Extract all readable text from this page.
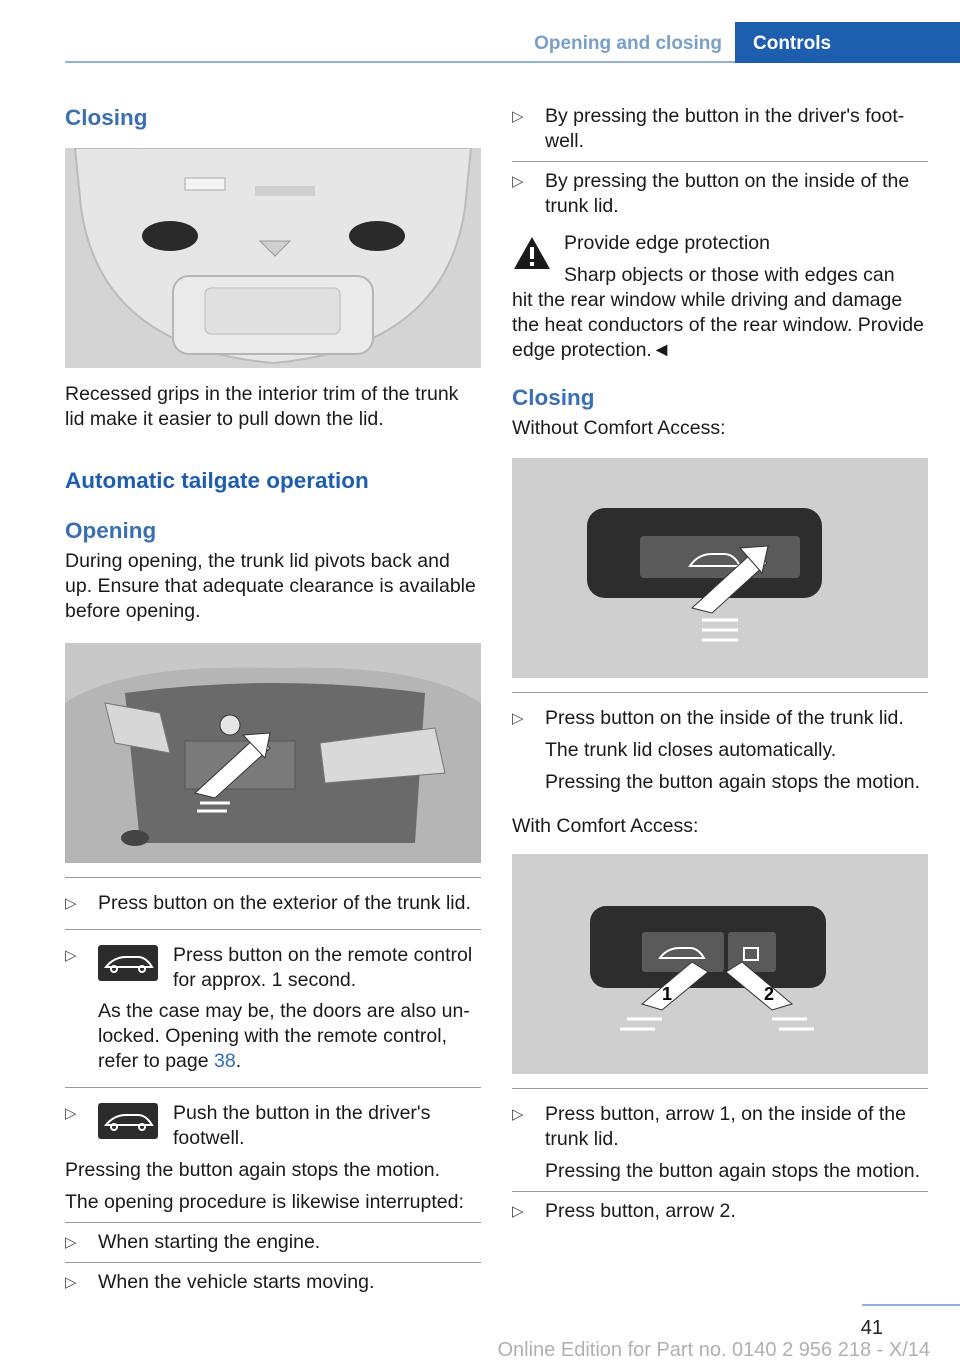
Opening and closing	Controls
Closing

Recessed grips in the interior trim of the trunk lid make it easier to pull down the lid.

Automatic tailgate operation
Opening

During opening, the trunk lid pivots back and up. Ensure that adequate clearance is available before opening.

▷ Press button on the exterior of the trunk lid.
▷	Press button on the remote control for approx. 1 second.

As the case may be, the doors are also unlocked. Opening with the remote control, refer to page 38.

▷	Push the button in the driver's footwell.

Pressing the button again stops the motion.

The opening procedure is likewise interrupted:

▷ When starting the engine.
▷ When the vehicle starts moving.
▷ By pressing the button in the driver's footwell.
▷ By pressing the button on the inside of the trunk lid.

Provide edge protection

Sharp objects or those with edges can

hit the rear window while driving and damage the heat conductors of the rear window. Provide edge protection.◄

Closing

Without Comfort Access:

▷ Press button on the inside of the trunk lid.

The trunk lid closes automatically.

Pressing the button again stops the motion.

With Comfort Access:

1	2
▷ Press button, arrow 1, on the inside of the trunk lid.

Pressing the button again stops the motion.

▷ Press button, arrow 2.
41
Online Edition for Part no. 0140 2 956 218 - X/14
